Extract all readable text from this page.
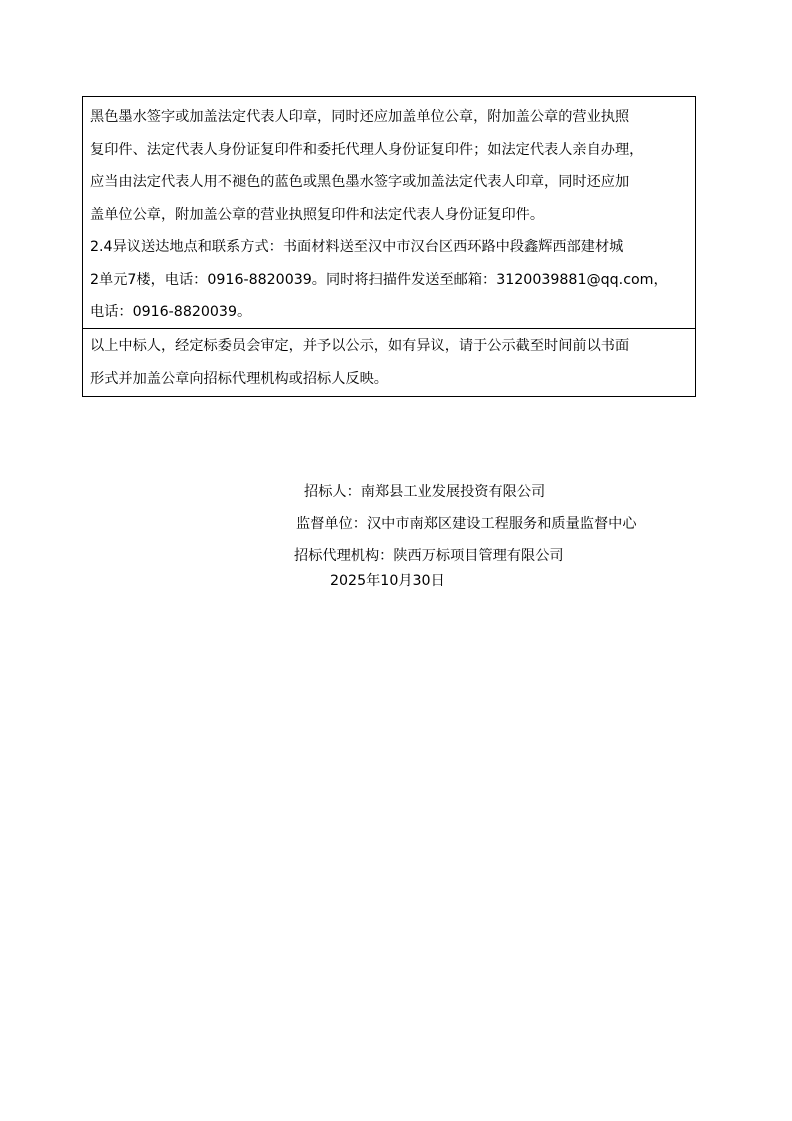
黑色墨水签字或加盖法定代表人印章，同时还应加盖单位公章，附加盖公章的营业执照
复印件、法定代表人身份证复印件和委托代理人身份证复印件；如法定代表人亲自办理，
应当由法定代表人用不褪色的蓝色或黑色墨水签字或加盖法定代表人印章，同时还应加
盖单位公章，附加盖公章的营业执照复印件和法定代表人身份证复印件。
2.4异议送达地点和联系方式：书面材料送至汉中市汉台区西环路中段鑫辉西部建材城
2单元7楼，电话：0916-8820039。同时将扫描件发送至邮箱：3120039881@qq.com，
电话：0916-8820039。
以上中标人，经定标委员会审定，并予以公示，如有异议，请于公示截至时间前以书面
形式并加盖公章向招标代理机构或招标人反映。
招标人：南郑县工业发展投资有限公司
监督单位：汉中市南郑区建设工程服务和质量监督中心
招标代理机构：陕西万标项目管理有限公司
2025年10月30日
